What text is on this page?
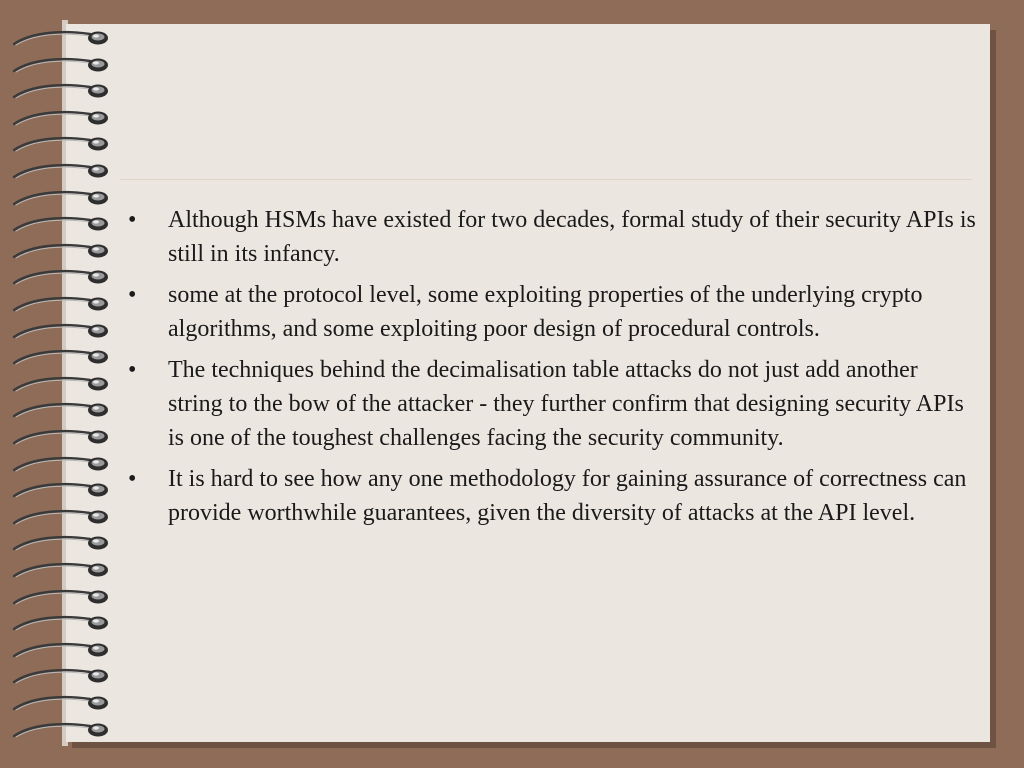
•	Although HSMs have existed for two decades, formal study of their security APIs is still in its infancy.
•	some at the protocol level, some exploiting properties of the underlying crypto algorithms, and some exploiting poor design of procedural controls.
•	The techniques behind the decimalisation table attacks do not just add another string to the bow of the attacker - they further confirm that designing security APIs is one of the toughest challenges facing the security community.
•	It is hard to see how any one methodology for gaining assurance of correctness can provide worthwhile guarantees, given the diversity of attacks at the API level.
